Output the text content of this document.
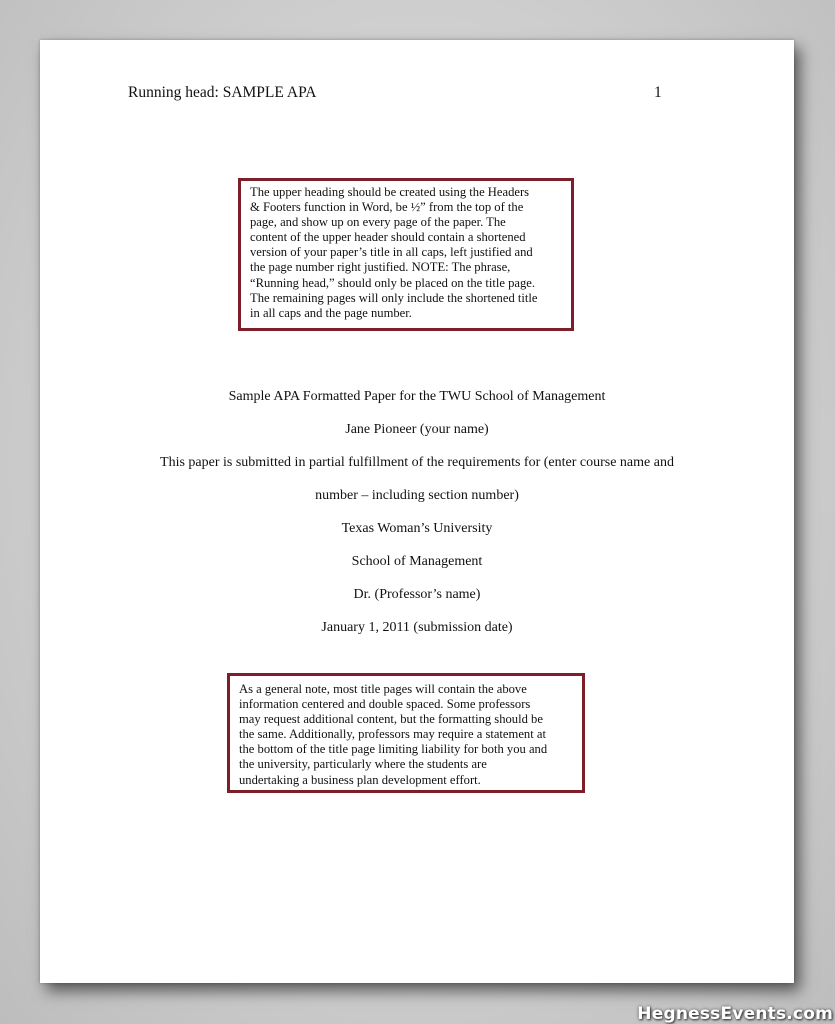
Running head: SAMPLE APA	1

The upper heading should be created using the Headers

& Footers function in Word, be ½” from the top of the

page, and show up on every page of the paper. The

content of the upper header should contain a shortened

version of your paper’s title in all caps, left justified and

the page number right justified. NOTE: The phrase,

“Running head,” should only be placed on the title page.

The remaining pages will only include the shortened title

in all caps and the page number.

Sample APA Formatted Paper for the TWU School of Management
Jane Pioneer (your name)
This paper is submitted in partial fulfillment of the requirements for (enter course name and
number – including section number)
Texas Woman’s University
School of Management
Dr. (Professor’s name)
January 1, 2011 (submission date)

As a general note, most title pages will contain the above

information centered and double spaced. Some professors

may request additional content, but the formatting should be

the same. Additionally, professors may require a statement at

the bottom of the title page limiting liability for both you and

the university, particularly where the students are

undertaking a business plan development effort.

HegnessEvents.com
